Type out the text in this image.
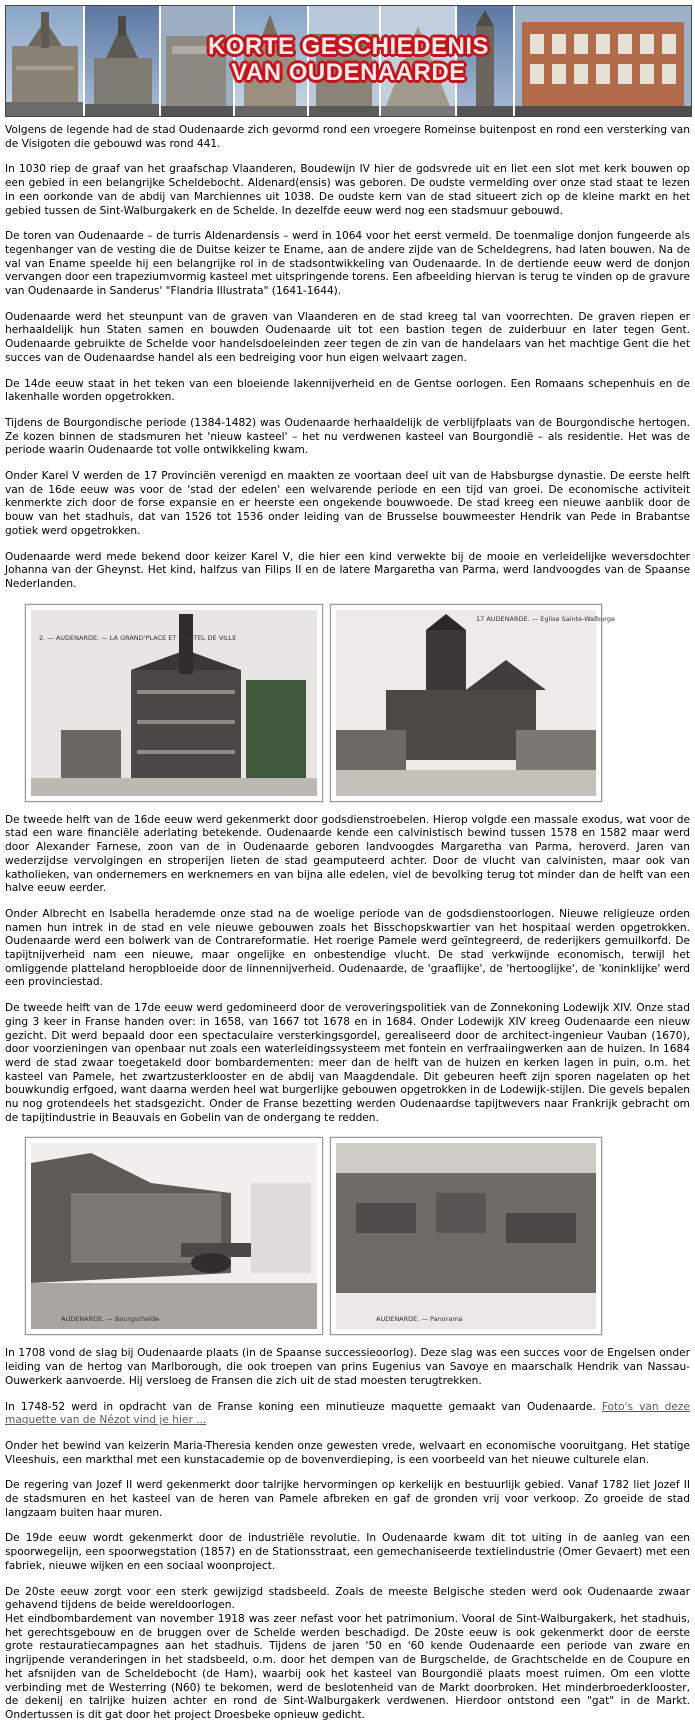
KORTE GESCHIEDENIS
VAN OUDENAARDE

Volgens de legende had de stad Oudenaarde zich gevormd rond een vroegere Romeinse buitenpost en rond een versterking van de Visigoten die gebouwd was rond 441.

In 1030 riep de graaf van het graafschap Vlaanderen, Boudewijn IV hier de godsvrede uit en liet een slot met kerk bouwen op een gebied in een belangrijke Scheldebocht. Aldenard(ensis) was geboren. De oudste vermelding over onze stad staat te lezen in een oorkonde van de abdij van Marchiennes uit 1038. De oudste kern van de stad situeert zich op de kleine markt en het gebied tussen de Sint-Walburgakerk en de Schelde. In dezelfde eeuw werd nog een stadsmuur gebouwd.

De toren van Oudenaarde – de turris Aldenardensis – werd in 1064 voor het eerst vermeld. De toenmalige donjon fungeerde als tegenhanger van de vesting die de Duitse keizer te Ename, aan de andere zijde van de Scheldegrens, had laten bouwen. Na de val van Ename speelde hij een belangrijke rol in de stadsontwikkeling van Oudenaarde. In de dertiende eeuw werd de donjon vervangen door een trapeziumvormig kasteel met uitspringende torens. Een afbeelding hiervan is terug te vinden op de gravure van Oudenaarde in Sanderus' "Flandria Illustrata" (1641-1644).

Oudenaarde werd het steunpunt van de graven van Vlaanderen en de stad kreeg tal van voorrechten. De graven riepen er herhaaldelijk hun Staten samen en bouwden Oudenaarde uit tot een bastion tegen de zuiderbuur en later tegen Gent. Oudenaarde gebruikte de Schelde voor handelsdoeleinden zeer tegen de zin van de handelaars van het machtige Gent die het succes van de Oudenaardse handel als een bedreiging voor hun eigen welvaart zagen.

De 14de eeuw staat in het teken van een bloeiende lakennijverheid en de Gentse oorlogen. Een Romaans schepenhuis en de lakenhalle worden opgetrokken.

Tijdens de Bourgondische periode (1384-1482) was Oudenaarde herhaaldelijk de verblijfplaats van de Bourgondische hertogen. Ze kozen binnen de stadsmuren het 'nieuw kasteel' – het nu verdwenen kasteel van Bourgondië – als residentie. Het was de periode waarin Oudenaarde tot volle ontwikkeling kwam.

Onder Karel V werden de 17 Provinciën verenigd en maakten ze voortaan deel uit van de Habsburgse dynastie. De eerste helft van de 16de eeuw was voor de 'stad der edelen' een welvarende periode en een tijd van groei. De economische activiteit kenmerkte zich door de forse expansie en er heerste een ongekende bouwwoede. De stad kreeg een nieuwe aanblik door de bouw van het stadhuis, dat van 1526 tot 1536 onder leiding van de Brusselse bouwmeester Hendrik van Pede in Brabantse gotiek werd opgetrokken.

Oudenaarde werd mede bekend door keizer Karel V, die hier een kind verwekte bij de mooie en verleidelijke weversdochter Johanna van der Gheynst. Het kind, halfzus van Filips II en de latere Margaretha van Parma, werd landvoogdes van de Spaanse Nederlanden.

2. — AUDENARDE. — LA GRAND'PLACE ET L'HOTEL DE VILLE
17 AUDENARDE. — Eglise Sainte-Walburge

De tweede helft van de 16de eeuw werd gekenmerkt door godsdienstroebelen. Hierop volgde een massale exodus, wat voor de stad een ware financiële aderlating betekende. Oudenaarde kende een calvinistisch bewind tussen 1578 en 1582 maar werd door Alexander Farnese, zoon van de in Oudenaarde geboren landvoogdes Margaretha van Parma, heroverd. Jaren van wederzijdse vervolgingen en stroperijen lieten de stad geamputeerd achter. Door de vlucht van calvinisten, maar ook van katholieken, van ondernemers en werknemers en van bijna alle edelen, viel de bevolking terug tot minder dan de helft van een halve eeuw eerder.

Onder Albrecht en Isabella herademde onze stad na de woelige periode van de godsdienstoorlogen. Nieuwe religieuze orden namen hun intrek in de stad en vele nieuwe gebouwen zoals het Bisschopskwartier van het hospitaal werden opgetrokken. Oudenaarde werd een bolwerk van de Contrareformatie. Het roerige Pamele werd geïntegreerd, de rederijkers gemuilkorfd. De tapijtnijverheid nam een nieuwe, maar ongelijke en onbestendige vlucht. De stad verkwijnde economisch, terwijl het omliggende platteland heropbloeide door de linnennijverheid. Oudenaarde, de 'graaflijke', de 'hertooglijke', de 'koninklijke' werd een provinciestad.

De tweede helft van de 17de eeuw werd gedomineerd door de veroveringspolitiek van de Zonnekoning Lodewijk XIV. Onze stad ging 3 keer in Franse handen over: in 1658, van 1667 tot 1678 en in 1684. Onder Lodewijk XIV kreeg Oudenaarde een nieuw gezicht. Dit werd bepaald door een spectaculaire versterkingsgordel, gerealiseerd door de architect-ingenieur Vauban (1670), door voorzieningen van openbaar nut zoals een waterleidingssysteem met fontein en verfraaiingwerken aan de huizen. In 1684 werd de stad zwaar toegetakeld door bombardementen: meer dan de helft van de huizen en kerken lagen in puin, o.m. het kasteel van Pamele, het zwartzusterklooster en de abdij van Maagdendale. Dit gebeuren heeft zijn sporen nagelaten op het bouwkundig erfgoed, want daarna werden heel wat burgerlijke gebouwen opgetrokken in de Lodewijk-stijlen. Die gevels bepalen nu nog grotendeels het stadsgezicht. Onder de Franse bezetting werden Oudenaardse tapijtwevers naar Frankrijk gebracht om de tapijtindustrie in Beauvais en Gobelin van de ondergang te redden.

AUDENARDE. — Bourgschelde	AUDENARDE. — Panorama

In 1708 vond de slag bij Oudenaarde plaats (in de Spaanse successieoorlog). Deze slag was een succes voor de Engelsen onder leiding van de hertog van Marlborough, die ook troepen van prins Eugenius van Savoye en maarschalk Hendrik van Nassau-Ouwerkerk aanvoerde. Hij versloeg de Fransen die zich uit de stad moesten terugtrekken.

In 1748-52 werd in opdracht van de Franse koning een minutieuze maquette gemaakt van Oudenaarde. Foto's van deze maquette van de Nézot vind je hier ...

Onder het bewind van keizerin Maria-Theresia kenden onze gewesten vrede, welvaart en economische vooruitgang. Het statige Vleeshuis, een markthal met een kunstacademie op de bovenverdieping, is een voorbeeld van het nieuwe culturele elan.

De regering van Jozef II werd gekenmerkt door talrijke hervormingen op kerkelijk en bestuurlijk gebied. Vanaf 1782 liet Jozef II de stadsmuren en het kasteel van de heren van Pamele afbreken en gaf de gronden vrij voor verkoop. Zo groeide de stad langzaam buiten haar muren.

De 19de eeuw wordt gekenmerkt door de industriële revolutie. In Oudenaarde kwam dit tot uiting in de aanleg van een spoorwegelijn, een spoorwegstation (1857) en de Stationsstraat, een gemechaniseerde textielindustrie (Omer Gevaert) met een fabriek, nieuwe wijken en een sociaal woonproject.

De 20ste eeuw zorgt voor een sterk gewijzigd stadsbeeld. Zoals de meeste Belgische steden werd ook Oudenaarde zwaar gehavend tijdens de beide wereldoorlogen.

Het eindbombardement van november 1918 was zeer nefast voor het patrimonium. Vooral de Sint-Walburgakerk, het stadhuis, het gerechtsgebouw en de bruggen over de Schelde werden beschadigd. De 20ste eeuw is ook gekenmerkt door de eerste grote restauratiecampagnes aan het stadhuis. Tijdens de jaren '50 en '60 kende Oudenaarde een periode van zware en ingrijpende veranderingen in het stadsbeeld, o.m. door het dempen van de Burgschelde, de Grachtschelde en de Coupure en het afsnijden van de Scheldebocht (de Ham), waarbij ook het kasteel van Bourgondië plaats moest ruimen. Om een vlotte verbinding met de Westerring (N60) te bekomen, werd de beslotenheid van de Markt doorbroken. Het minderbroederklooster, de dekenij en talrijke huizen achter en rond de Sint-Walburgakerk verdwenen. Hierdoor ontstond een "gat" in de Markt. Ondertussen is dit gat door het project Droesbeke opnieuw gedicht.
